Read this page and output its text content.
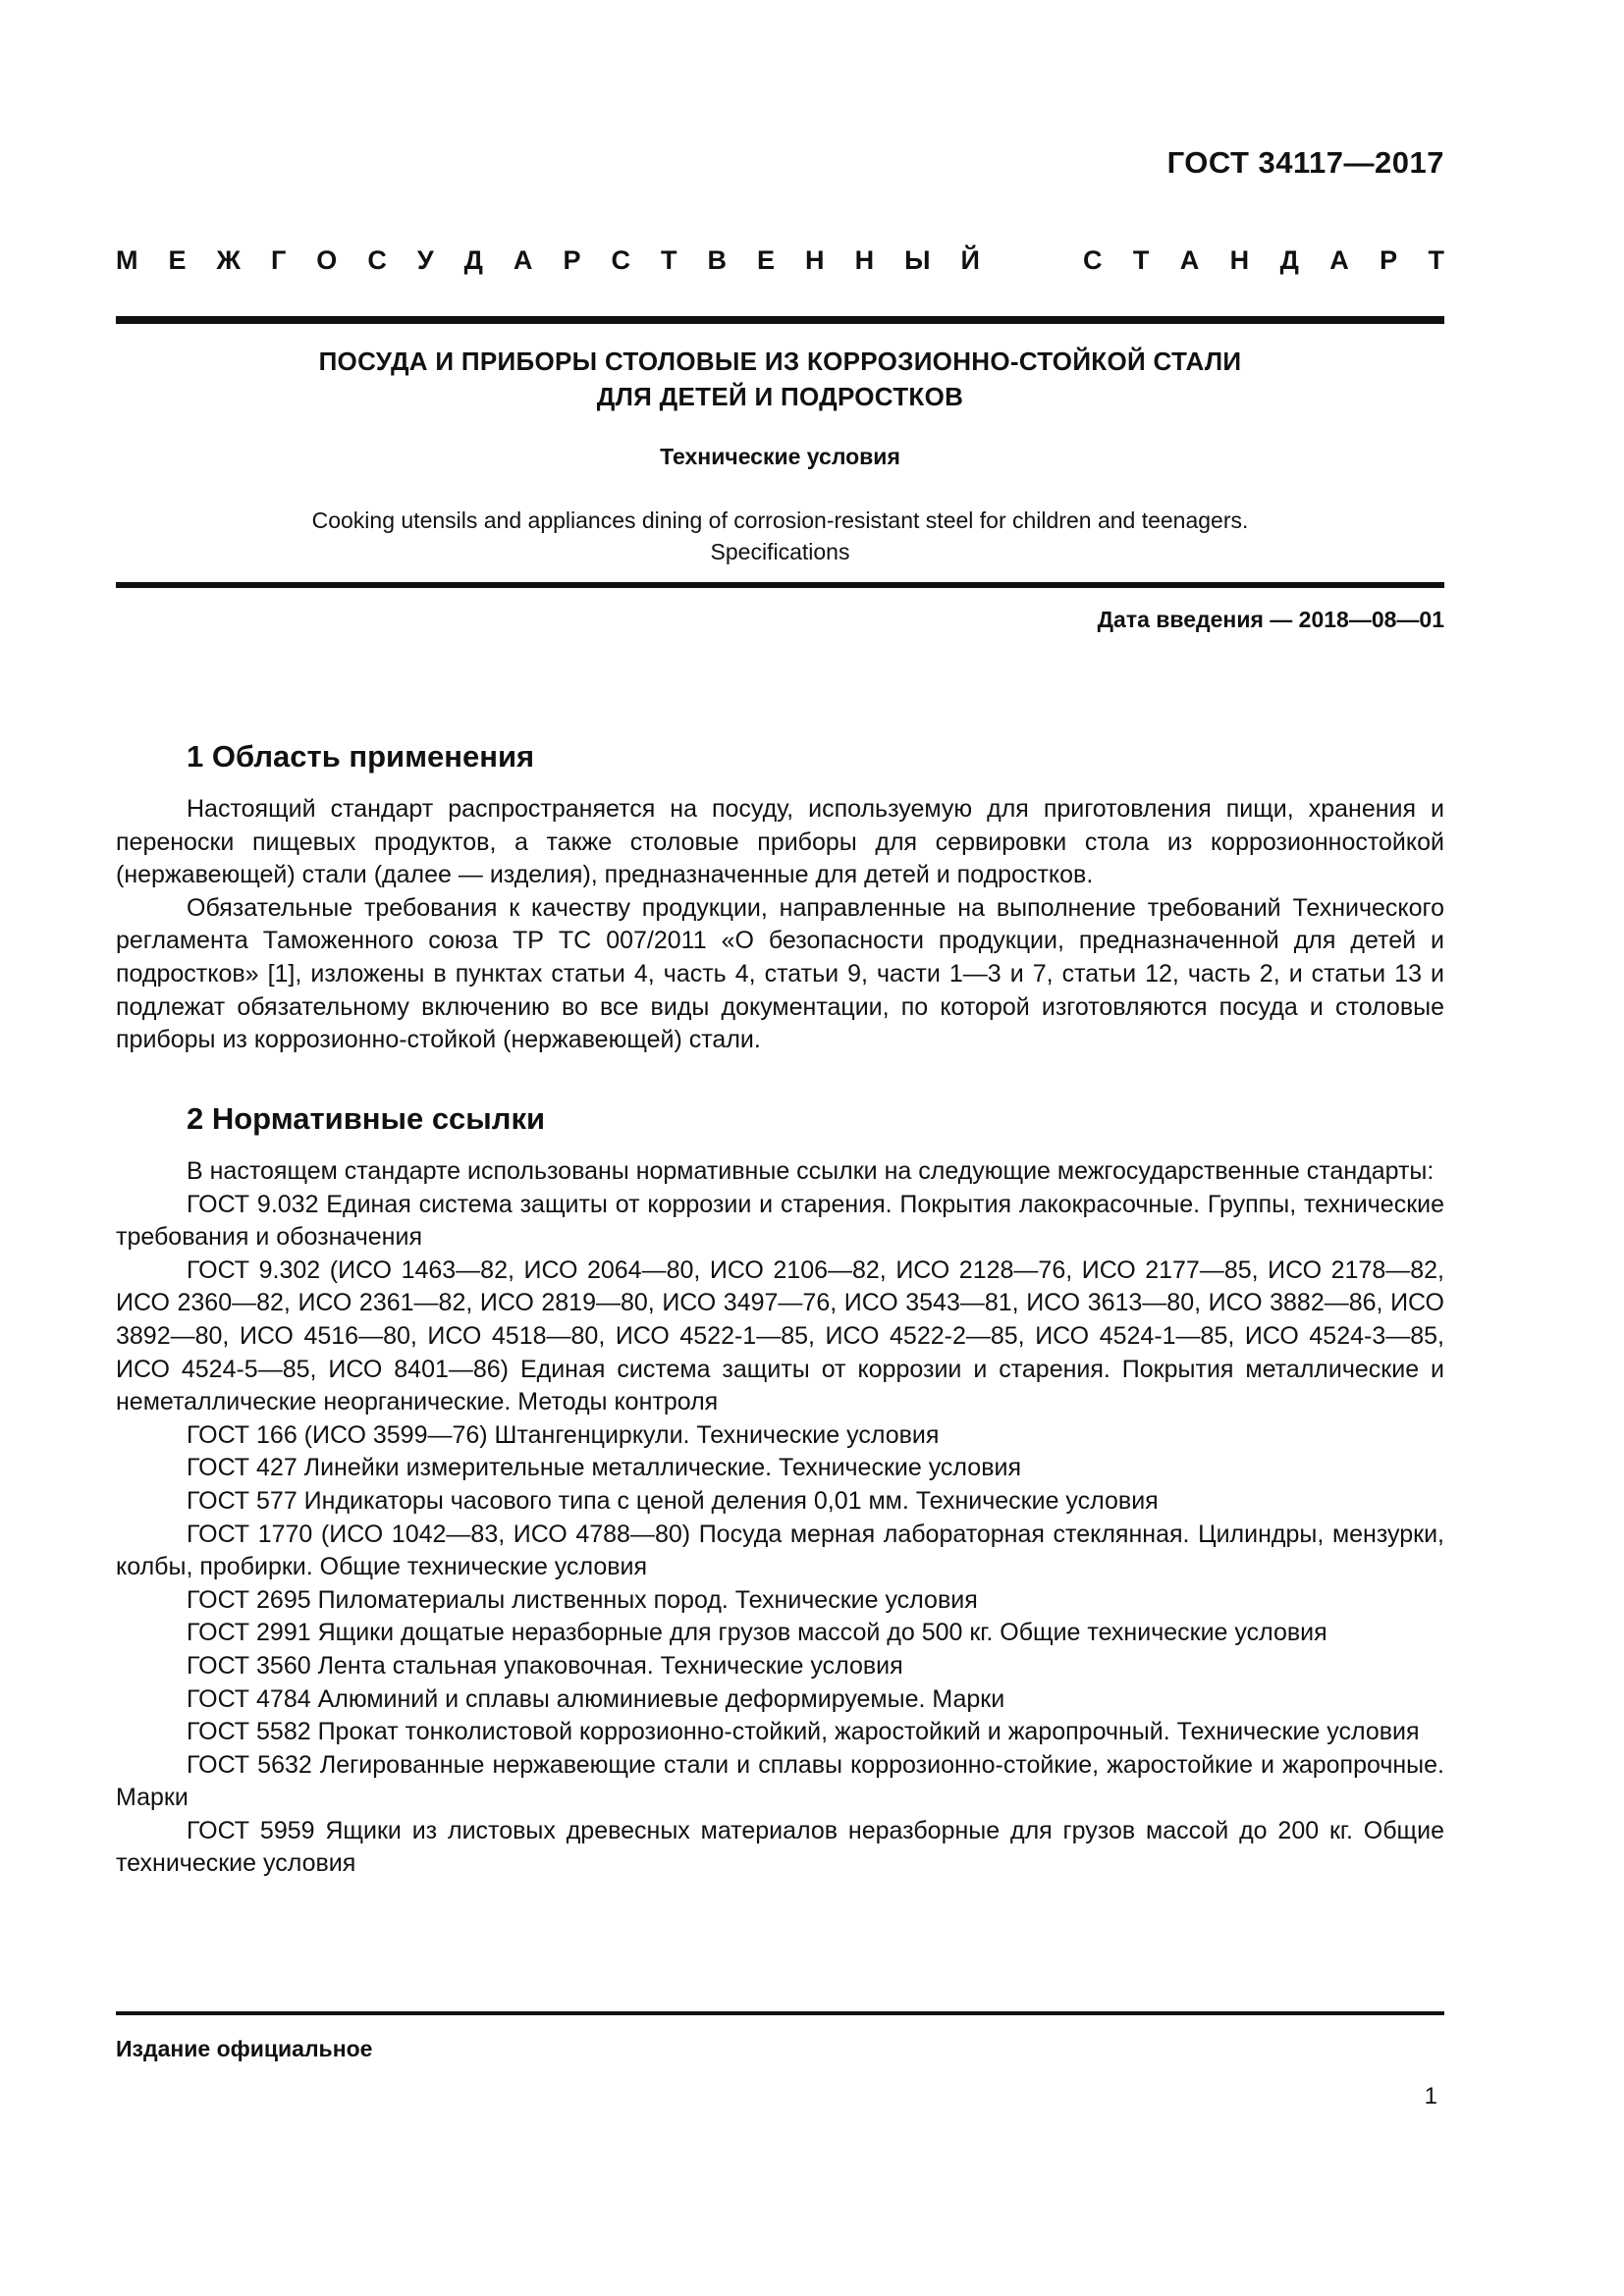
ГОСТ 34117—2017
М Е Ж Г О С У Д А Р С Т В Е Н Н Ы Й	С Т А Н Д А Р Т
ПОСУДА И ПРИБОРЫ СТОЛОВЫЕ ИЗ КОРРОЗИОННО-СТОЙКОЙ СТАЛИ
ДЛЯ ДЕТЕЙ И ПОДРОСТКОВ
Технические условия
Cooking utensils and appliances dining of corrosion-resistant steel for children and teenagers.
Specifications
Дата введения — 2018—08—01
1 Область применения

Настоящий стандарт распространяется на посуду, используемую для приготовления пищи, хранения и переноски пищевых продуктов, а также столовые приборы для сервировки стола из коррозионностойкой (нержавеющей) стали (далее — изделия), предназначенные для детей и подростков.

Обязательные требования к качеству продукции, направленные на выполнение требований Технического регламента Таможенного союза ТР ТС 007/2011 «О безопасности продукции, предназначенной для детей и подростков» [1], изложены в пунктах статьи 4, часть 4, статьи 9, части 1—3 и 7, статьи 12, часть 2, и статьи 13 и подлежат обязательному включению во все виды документации, по которой изготовляются посуда и столовые приборы из коррозионно-стойкой (нержавеющей) стали.

2 Нормативные ссылки

В настоящем стандарте использованы нормативные ссылки на следующие межгосударственные стандарты:

ГОСТ 9.032 Единая система защиты от коррозии и старения. Покрытия лакокрасочные. Группы, технические требования и обозначения

ГОСТ 9.302 (ИСО 1463—82, ИСО 2064—80, ИСО 2106—82, ИСО 2128—76, ИСО 2177—85, ИСО 2178—82, ИСО 2360—82, ИСО 2361—82, ИСО 2819—80, ИСО 3497—76, ИСО 3543—81, ИСО 3613—80, ИСО 3882—86, ИСО 3892—80, ИСО 4516—80, ИСО 4518—80, ИСО 4522-1—85, ИСО 4522-2—85, ИСО 4524-1—85, ИСО 4524-3—85, ИСО 4524-5—85, ИСО 8401—86) Единая система защиты от коррозии и старения. Покрытия металлические и неметаллические неорганические. Методы контроля

ГОСТ 166 (ИСО 3599—76) Штангенциркули. Технические условия

ГОСТ 427 Линейки измерительные металлические. Технические условия

ГОСТ 577 Индикаторы часового типа с ценой деления 0,01 мм. Технические условия

ГОСТ 1770 (ИСО 1042—83, ИСО 4788—80) Посуда мерная лабораторная стеклянная. Цилиндры, мензурки, колбы, пробирки. Общие технические условия

ГОСТ 2695 Пиломатериалы лиственных пород. Технические условия

ГОСТ 2991 Ящики дощатые неразборные для грузов массой до 500 кг. Общие технические условия

ГОСТ 3560 Лента стальная упаковочная. Технические условия

ГОСТ 4784 Алюминий и сплавы алюминиевые деформируемые. Марки

ГОСТ 5582 Прокат тонколистовой коррозионно-стойкий, жаростойкий и жаропрочный. Технические условия

ГОСТ 5632 Легированные нержавеющие стали и сплавы коррозионно-стойкие, жаростойкие и жаропрочные. Марки

ГОСТ 5959 Ящики из листовых древесных материалов неразборные для грузов массой до 200 кг. Общие технические условия

Издание официальное
1
